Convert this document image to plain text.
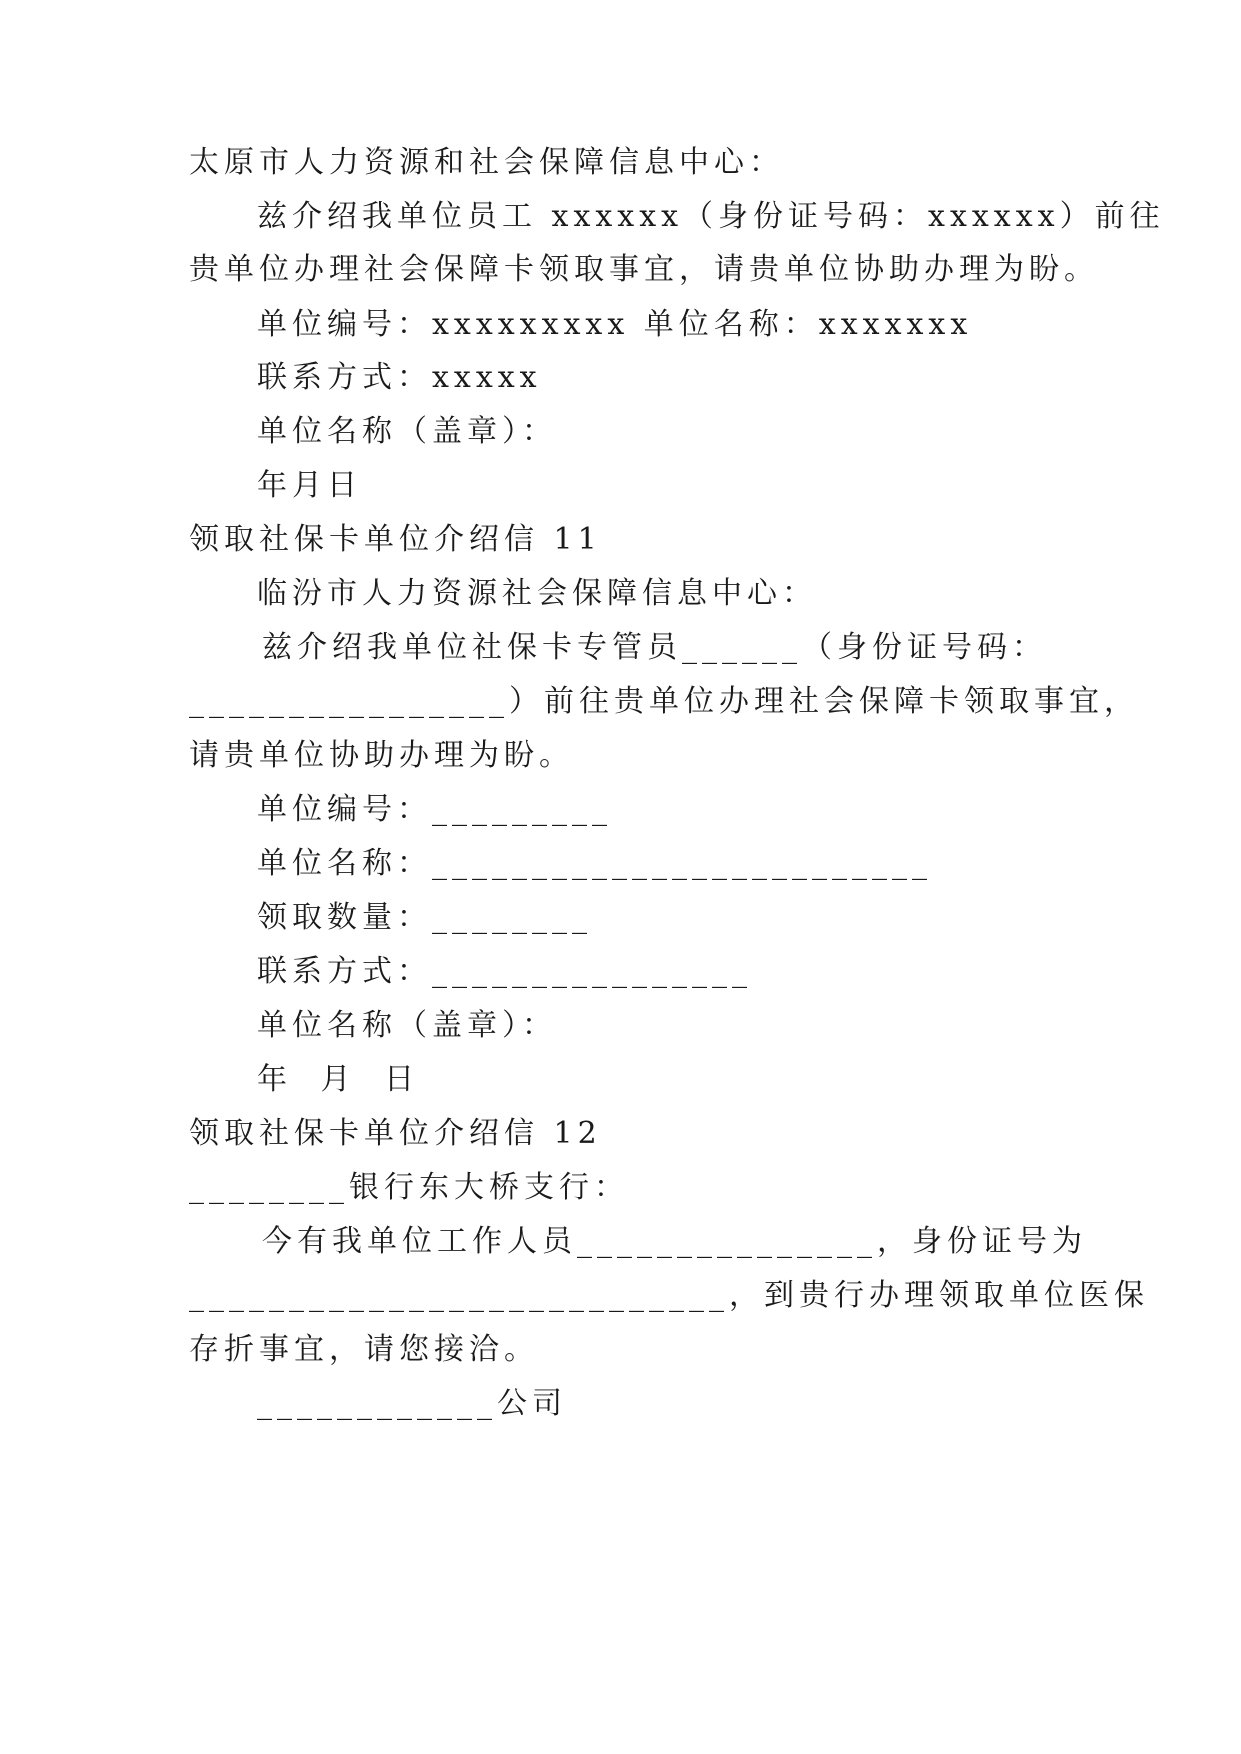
太原市人力资源和社会保障信息中心：
兹介绍我单位员工 xxxxxx（身份证号码：xxxxxx）前往
贵单位办理社会保障卡领取事宜，请贵单位协助办理为盼。
单位编号：xxxxxxxxx 单位名称：xxxxxxx
联系方式：xxxxx
单位名称（盖章）：
年月日
领取社保卡单位介绍信 11
临汾市人力资源社会保障信息中心：
兹介绍我单位社保卡专管员______（身份证号码：
________________）前往贵单位办理社会保障卡领取事宜，
请贵单位协助办理为盼。
单位编号：_________
单位名称：_________________________
领取数量：________
联系方式：________________
单位名称（盖章）：
年 月 日
领取社保卡单位介绍信 12
________银行东大桥支行：
今有我单位工作人员_______________，身份证号为
___________________________，到贵行办理领取单位医保
存折事宜，请您接洽。
____________公司
